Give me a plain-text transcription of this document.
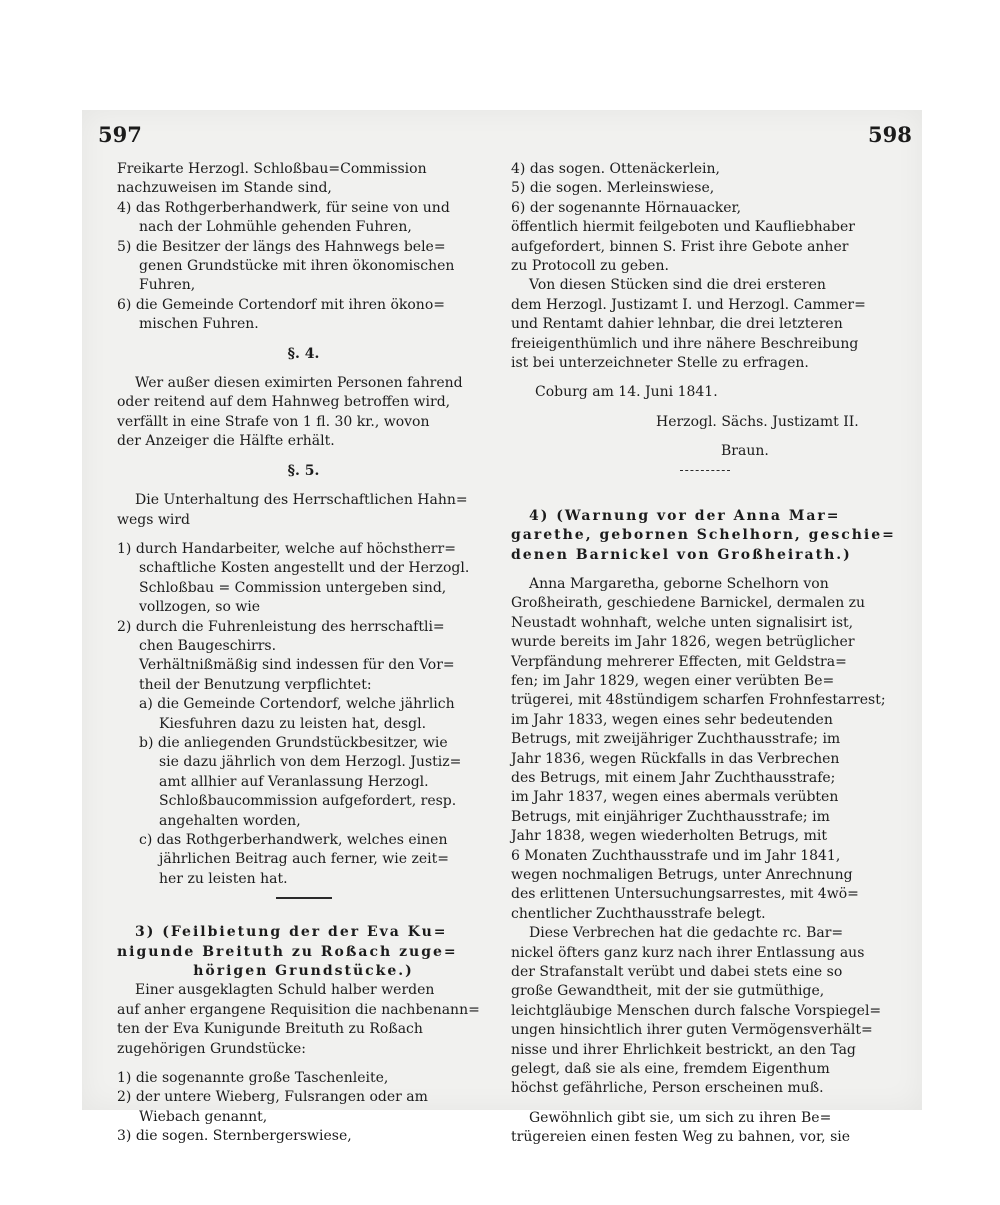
597	598

Freikarte Herzogl. Schloßbau=Commission

nachzuweisen im Stande sind,

4) das Rothgerberhandwerk, für seine von und

nach der Lohmühle gehenden Fuhren,

5) die Besitzer der längs des Hahnwegs bele=

genen Grundstücke mit ihren ökonomischen

Fuhren,

6) die Gemeinde Cortendorf mit ihren ökono=

mischen Fuhren.

§. 4.

Wer außer diesen eximirten Personen fahrend

oder reitend auf dem Hahnweg betroffen wird,

verfällt in eine Strafe von 1 fl. 30 kr., wovon

der Anzeiger die Hälfte erhält.

§. 5.

Die Unterhaltung des Herrschaftlichen Hahn=

wegs wird

1) durch Handarbeiter, welche auf höchstherr=

schaftliche Kosten angestellt und der Herzogl.

Schloßbau = Commission untergeben sind,

vollzogen, so wie

2) durch die Fuhrenleistung des herrschaftli=

chen Baugeschirrs.

Verhältnißmäßig sind indessen für den Vor=

theil der Benutzung verpflichtet:

a) die Gemeinde Cortendorf, welche jährlich

Kiesfuhren dazu zu leisten hat, desgl.

b) die anliegenden Grundstückbesitzer, wie

sie dazu jährlich von dem Herzogl. Justiz=

amt allhier auf Veranlassung Herzogl.

Schloßbaucommission aufgefordert, resp.

angehalten worden,

c) das Rothgerberhandwerk, welches einen

jährlichen Beitrag auch ferner, wie zeit=

her zu leisten hat.

3) (Feilbietung der der Eva Ku=

nigunde Breituth zu Roßach zuge=

hörigen Grundstücke.)

Einer ausgeklagten Schuld halber werden

auf anher ergangene Requisition die nachbenann=

ten der Eva Kunigunde Breituth zu Roßach

zugehörigen Grundstücke:

1) die sogenannte große Taschenleite,

2) der untere Wieberg, Fulsrangen oder am

Wiebach genannt,

3) die sogen. Sternbergerswiese,

4) das sogen. Ottenäckerlein,

5) die sogen. Merleinswiese,

6) der sogenannte Hörnauacker,

öffentlich hiermit feilgeboten und Kaufliebhaber

aufgefordert, binnen S. Frist ihre Gebote anher

zu Protocoll zu geben.

Von diesen Stücken sind die drei ersteren

dem Herzogl. Justizamt I. und Herzogl. Cammer=

und Rentamt dahier lehnbar, die drei letzteren

freieigenthümlich und ihre nähere Beschreibung

ist bei unterzeichneter Stelle zu erfragen.

Coburg am 14. Juni 1841.

Herzogl. Sächs. Justizamt II.

Braun.

4) (Warnung vor der Anna Mar=

garethe, gebornen Schelhorn, geschie=

denen Barnickel von Großheirath.)

Anna Margaretha, geborne Schelhorn von

Großheirath, geschiedene Barnickel, dermalen zu

Neustadt wohnhaft, welche unten signalisirt ist,

wurde bereits im Jahr 1826, wegen betrüglicher

Verpfändung mehrerer Effecten, mit Geldstra=

fen; im Jahr 1829, wegen einer verübten Be=

trügerei, mit 48stündigem scharfen Frohnfestarrest;

im Jahr 1833, wegen eines sehr bedeutenden

Betrugs, mit zweijähriger Zuchthausstrafe; im

Jahr 1836, wegen Rückfalls in das Verbrechen

des Betrugs, mit einem Jahr Zuchthausstrafe;

im Jahr 1837, wegen eines abermals verübten

Betrugs, mit einjähriger Zuchthausstrafe; im

Jahr 1838, wegen wiederholten Betrugs, mit

6 Monaten Zuchthausstrafe und im Jahr 1841,

wegen nochmaligen Betrugs, unter Anrechnung

des erlittenen Untersuchungsarrestes, mit 4wö=

chentlicher Zuchthausstrafe belegt.

Diese Verbrechen hat die gedachte rc. Bar=

nickel öfters ganz kurz nach ihrer Entlassung aus

der Strafanstalt verübt und dabei stets eine so

große Gewandtheit, mit der sie gutmüthige,

leichtgläubige Menschen durch falsche Vorspiegel=

ungen hinsichtlich ihrer guten Vermögensverhält=

nisse und ihrer Ehrlichkeit bestrickt, an den Tag

gelegt, daß sie als eine, fremdem Eigenthum

höchst gefährliche, Person erscheinen muß.

Gewöhnlich gibt sie, um sich zu ihren Be=

trügereien einen festen Weg zu bahnen, vor, sie
